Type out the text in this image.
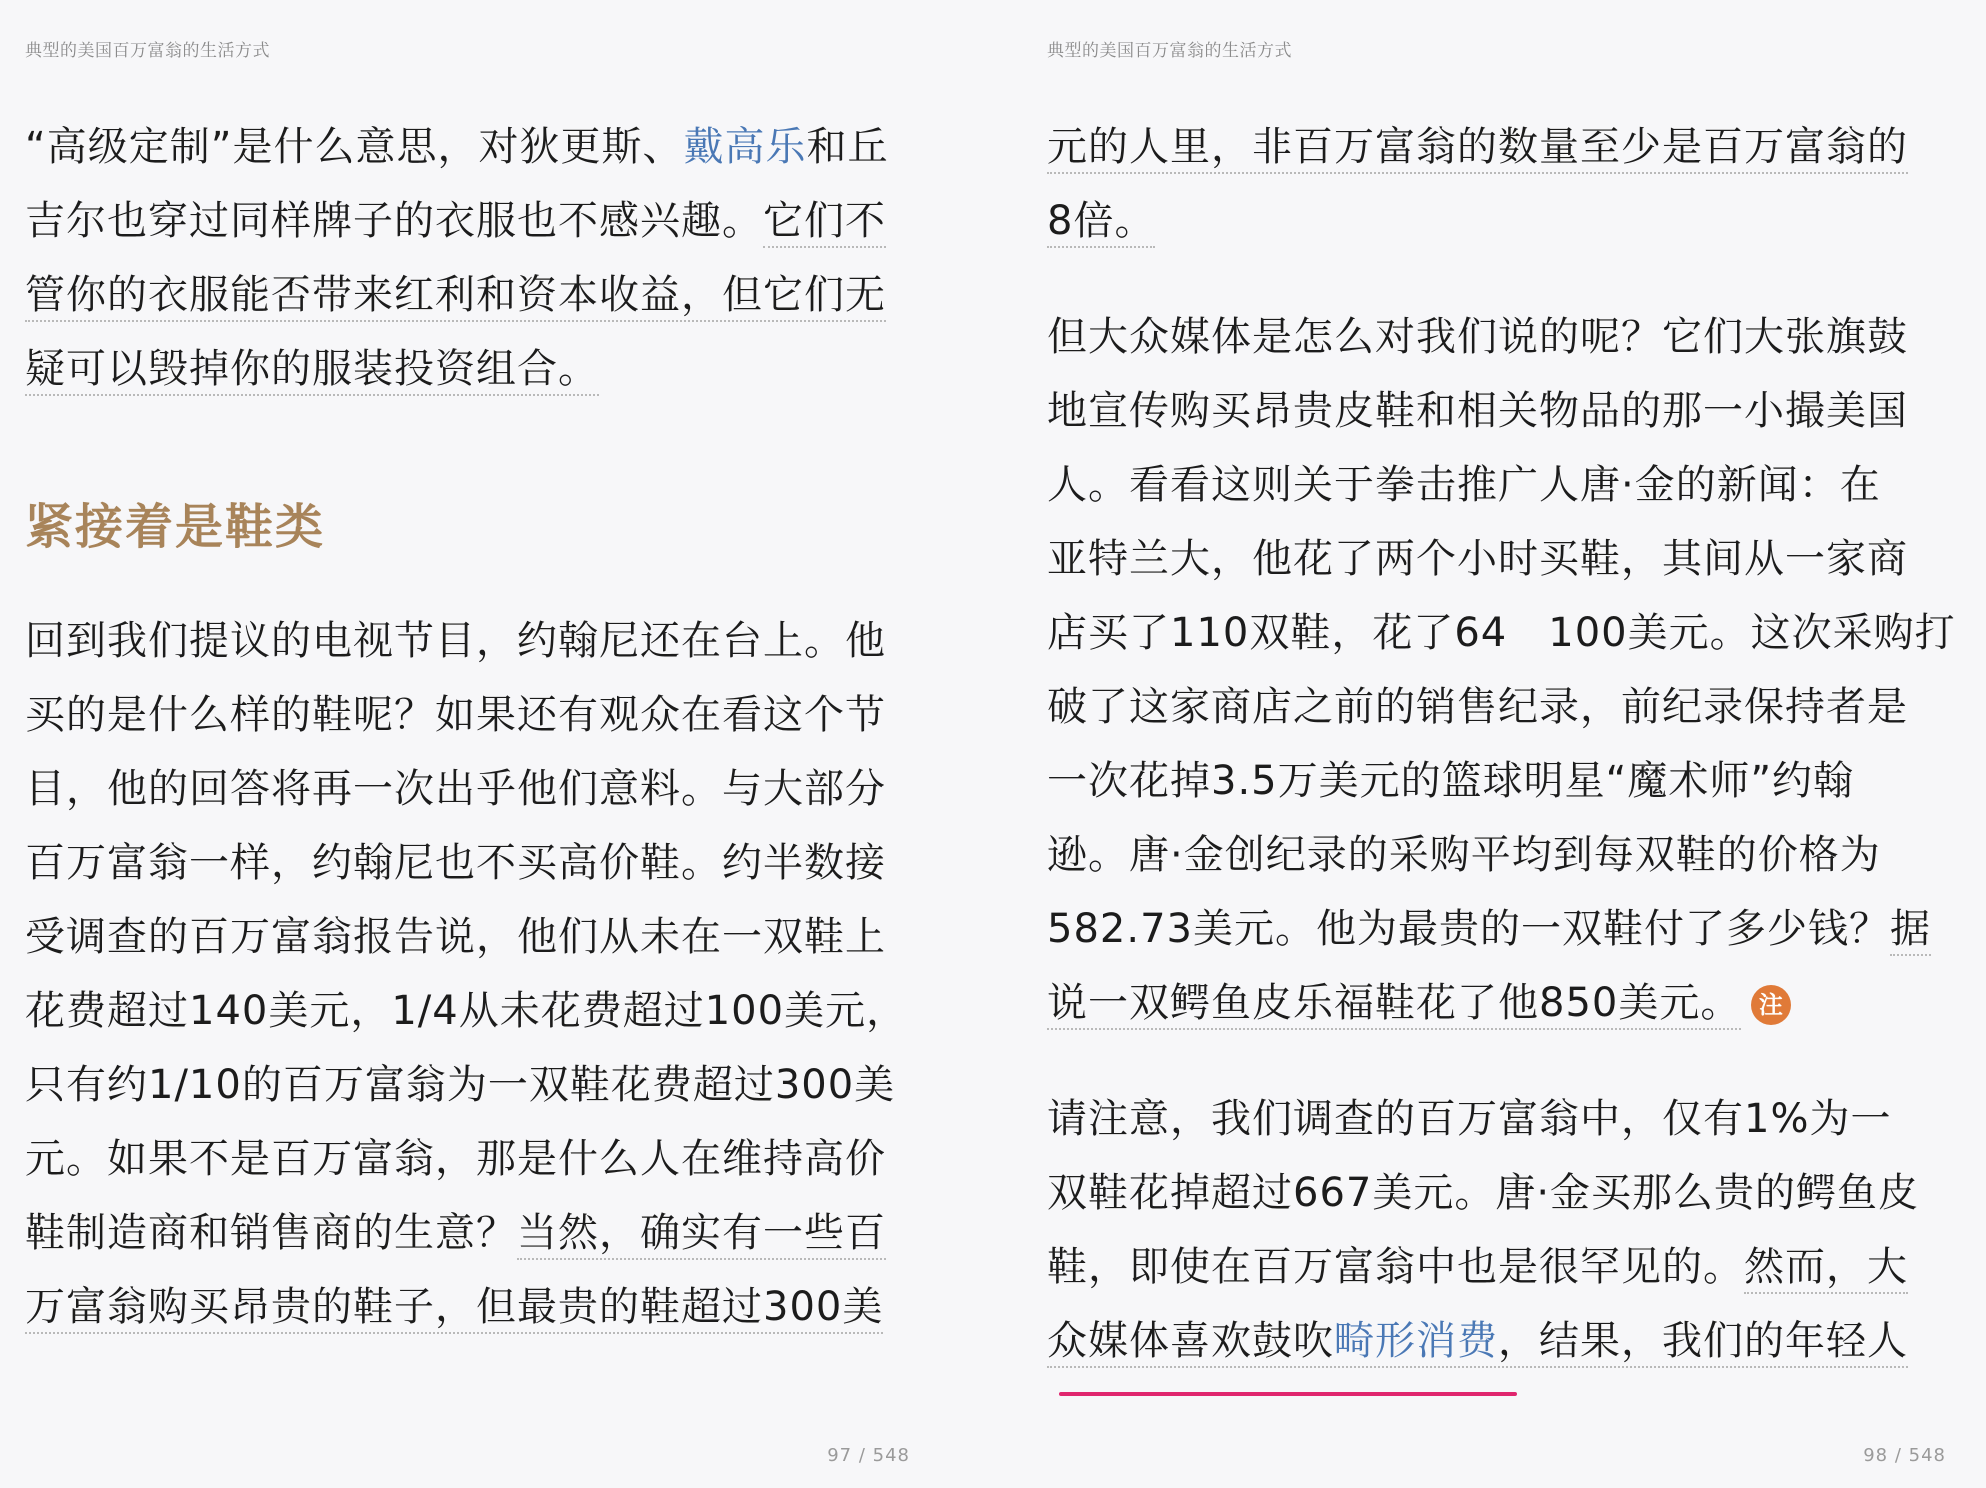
典型的美国百万富翁的生活方式
“高级定制”是什么意思，对狄更斯、戴高乐和丘
吉尔也穿过同样牌子的衣服也不感兴趣。它们不
管你的衣服能否带来红利和资本收益，但它们无
疑可以毁掉你的服装投资组合。
紧接着是鞋类
回到我们提议的电视节目，约翰尼还在台上。他
买的是什么样的鞋呢？如果还有观众在看这个节
目，他的回答将再一次出乎他们意料。与大部分
百万富翁一样，约翰尼也不买高价鞋。约半数接
受调查的百万富翁报告说，他们从未在一双鞋上
花费超过140美元，1/4从未花费超过100美元，
只有约1/10的百万富翁为一双鞋花费超过300美
元。如果不是百万富翁，那是什么人在维持高价
鞋制造商和销售商的生意？当然，确实有一些百
万富翁购买昂贵的鞋子，但最贵的鞋超过300美
97 / 548
典型的美国百万富翁的生活方式
元的人里，非百万富翁的数量至少是百万富翁的
8倍。
但大众媒体是怎么对我们说的呢？它们大张旗鼓
地宣传购买昂贵皮鞋和相关物品的那一小撮美国
人。看看这则关于拳击推广人唐·金的新闻：在
亚特兰大，他花了两个小时买鞋，其间从一家商
店买了110双鞋，花了64　100美元。这次采购打
破了这家商店之前的销售纪录，前纪录保持者是
一次花掉3.5万美元的篮球明星“魔术师”约翰
逊。唐·金创纪录的采购平均到每双鞋的价格为
582.73美元。他为最贵的一双鞋付了多少钱？据
说一双鳄鱼皮乐福鞋花了他850美元。 注
请注意，我们调查的百万富翁中，仅有1%为一
双鞋花掉超过667美元。唐·金买那么贵的鳄鱼皮
鞋，即使在百万富翁中也是很罕见的。然而，大
众媒体喜欢鼓吹畸形消费，结果，我们的年轻人
98 / 548
